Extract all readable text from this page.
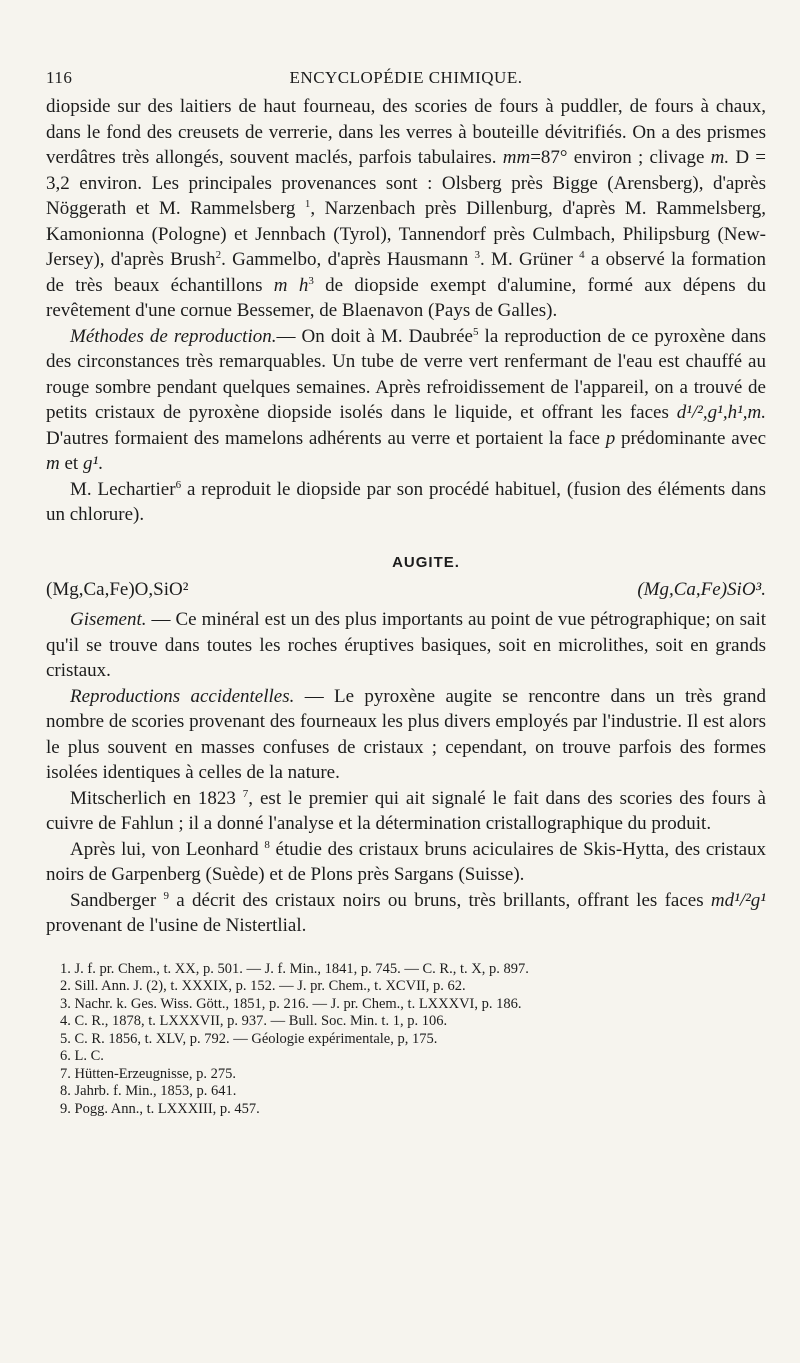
116	ENCYCLOPÉDIE CHIMIQUE.

diopside sur des laitiers de haut fourneau, des scories de fours à puddler, de fours à chaux, dans le fond des creusets de verrerie, dans les verres à bouteille dévitrifiés. On a des prismes verdâtres très allongés, souvent maclés, parfois tabulaires. mm=87° environ ; clivage m. D = 3,2 environ. Les principales provenances sont : Olsberg près Bigge (Arensberg), d'après Nöggerath et M. Rammelsberg $^1$, Narzenbach près Dillenburg, d'après M. Rammelsberg, Kamonionna (Pologne) et Jennbach (Tyrol), Tannendorf près Culmbach, Philipsburg (New-Jersey), d'après Brush$^2$. Gammelbo, d'après Hausmann $^3$. M. Grüner $^4$ a observé la formation de très beaux échantillons m $h^3$ de diopside exempt d'alumine, formé aux dépens du revêtement d'une cornue Bessemer, de Blaenavon (Pays de Galles).

Méthodes de reproduction.— On doit à M. Daubrée$^5$ la reproduction de ce pyroxène dans des circonstances très remarquables. Un tube de verre vert renfermant de l'eau est chauffé au rouge sombre pendant quelques semaines. Après refroidissement de l'appareil, on a trouvé de petits cristaux de pyroxène diopside isolés dans le liquide, et offrant les faces d¹/²,g¹,h¹,m. D'autres formaient des mamelons adhérents au verre et portaient la face p prédominante avec m et g¹.

M. Lechartier$^6$ a reproduit le diopside par son procédé habituel, (fusion des éléments dans un chlorure).

AUGITE.
(Mg,Ca,Fe)O,SiO²	(Mg,Ca,Fe)SiO³.

Gisement. — Ce minéral est un des plus importants au point de vue pétrographique; on sait qu'il se trouve dans toutes les roches éruptives basiques, soit en microlithes, soit en grands cristaux.

Reproductions accidentelles. — Le pyroxène augite se rencontre dans un très grand nombre de scories provenant des fourneaux les plus divers employés par l'industrie. Il est alors le plus souvent en masses confuses de cristaux ; cependant, on trouve parfois des formes isolées identiques à celles de la nature.

Mitscherlich en 1823 $^7$, est le premier qui ait signalé le fait dans des scories des fours à cuivre de Fahlun ; il a donné l'analyse et la détermination cristallographique du produit.

Après lui, von Leonhard $^8$ étudie des cristaux bruns aciculaires de Skis-Hytta, des cristaux noirs de Garpenberg (Suède) et de Plons près Sargans (Suisse).

Sandberger $^9$ a décrit des cristaux noirs ou bruns, très brillants, offrant les faces md¹/²g¹ provenant de l'usine de Nistertlial.

1. J. f. pr. Chem., t. XX, p. 501. — J. f. Min., 1841, p. 745. — C. R., t. X, p. 897.
2. Sill. Ann. J. (2), t. XXXIX, p. 152. — J. pr. Chem., t. XCVII, p. 62.
3. Nachr. k. Ges. Wiss. Gött., 1851, p. 216. — J. pr. Chem., t. LXXXVI, p. 186.
4. C. R., 1878, t. LXXXVII, p. 937. — Bull. Soc. Min. t. 1, p. 106.
5. C. R. 1856, t. XLV, p. 792. — Géologie expérimentale, p, 175.
6. L. C.
7. Hütten-Erzeugnisse, p. 275.
8. Jahrb. f. Min., 1853, p. 641.
9. Pogg. Ann., t. LXXXIII, p. 457.
